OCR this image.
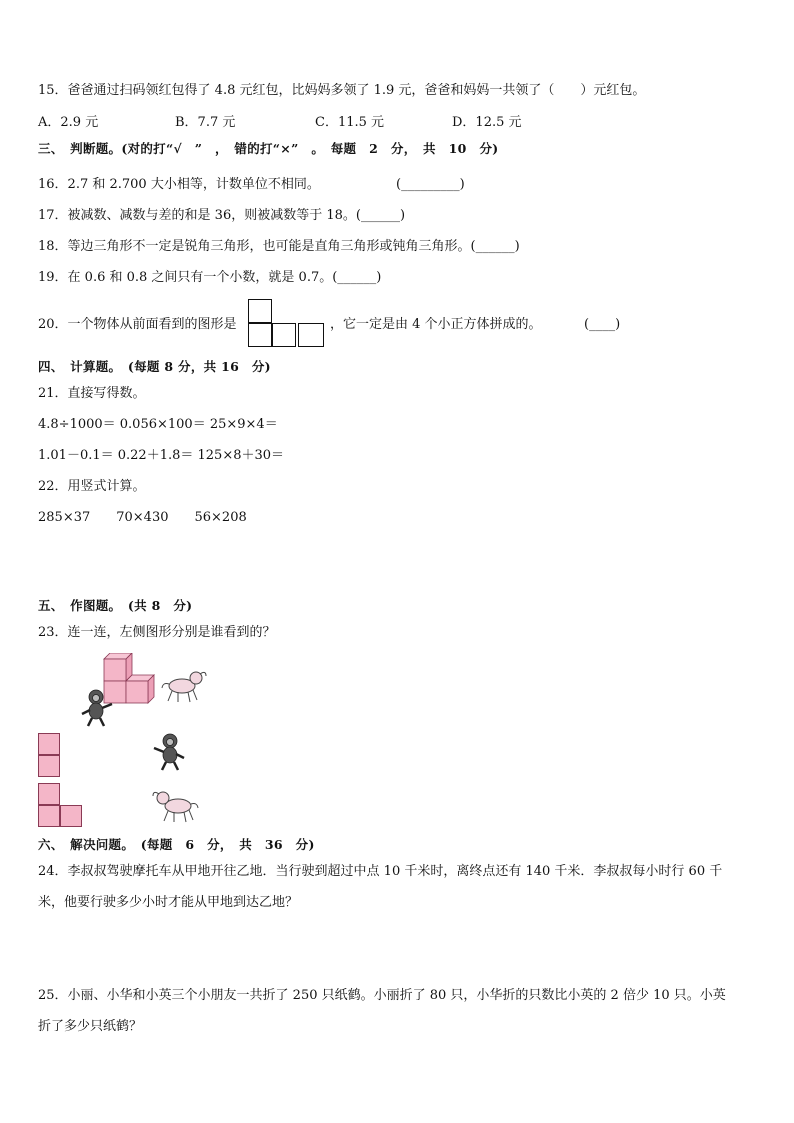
15．爸爸通过扫码领红包得了 4.8 元红包，比妈妈多领了 1.9 元，爸爸和妈妈一共领了（　　）元红包。
A．2.9 元	B．7.7 元	C．11.5 元	D．12.5 元
三、　判断题。(对的打“√　”　，　错的打“×”　。　每题　2　分，　共　10　分)
16．2.7 和 2.700 大小相等，计数单位不相同。	(_________)
17．被减数、减数与差的和是 36，则被减数等于 18。(______)
18．等边三角形不一定是锐角三角形，也可能是直角三角形或钝角三角形。(______)
19．在 0.6 和 0.8 之间只有一个小数，就是 0.7。(______)
20．一个物体从前面看到的图形是	，它一定是由 4 个小正方体拼成的。	(____)
四、　计算题。　(每题 8 分，共 16　分)
21．直接写得数。
4.8÷1000＝ 0.056×100＝ 25×9×4＝
1.01－0.1＝ 0.22＋1.8＝ 125×8＋30＝
22．用竖式计算。
285×37　　70×430　　56×208
五、　作图题。　(共 8　分)
23．连一连，左侧图形分别是谁看到的？
六、　解决问题。　(每题　6　分，　共　36　分)
24．李叔叔驾驶摩托车从甲地开往乙地．当行驶到超过中点 10 千米时，离终点还有 140 千米．李叔叔每小时行 60 千
米，他要行驶多少小时才能从甲地到达乙地？
25．小丽、小华和小英三个小朋友一共折了 250 只纸鹤。小丽折了 80 只，小华折的只数比小英的 2 倍少 10 只。小英
折了多少只纸鹤？
